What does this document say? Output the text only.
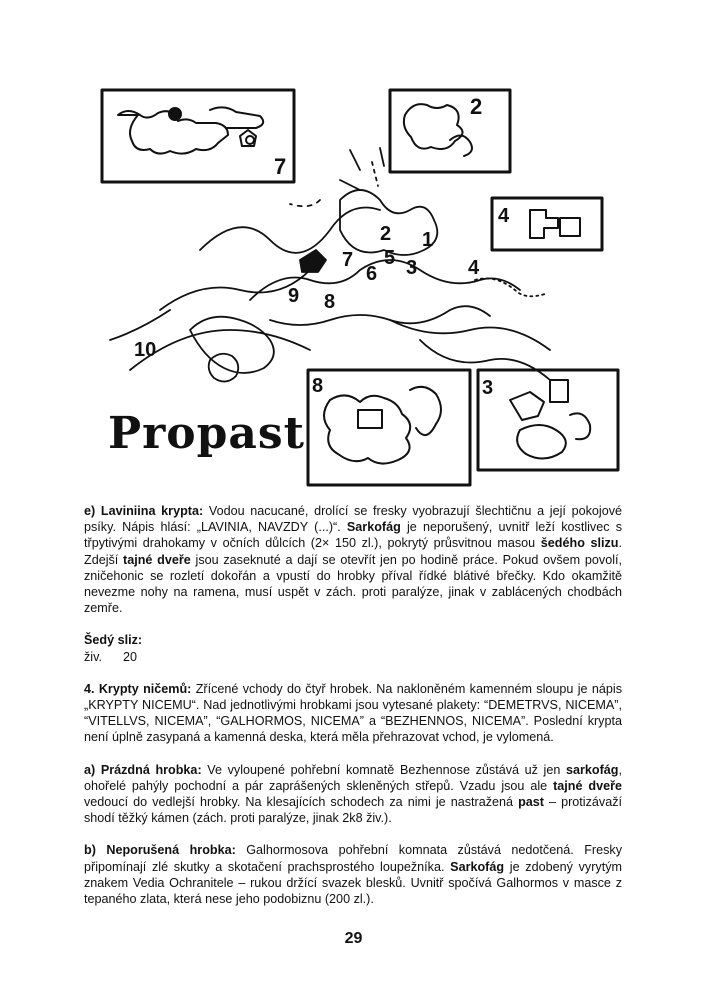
1
2
3	4
5
6
7
8
9
10
7
2
4
8	3
Propast

e) Laviniina krypta: Vodou nacucané, drolící se fresky vyobrazují šlechtičnu a její pokojové psíky. Nápis hlásí: „LAVINIA, NAVZDY (...)“. Sarkofág je neporušený, uvnitř leží kostlivec s třpytivými drahokamy v očních důlcích (2× 150 zl.), pokrytý průsvitnou masou šedého slizu. Zdejší tajné dveře jsou zaseknuté a dají se otevřít jen po hodině práce. Pokud ovšem povolí, zničehonic se rozletí dokořán a vpustí do hrobky příval řídké blátivé břečky. Kdo okamžitě nevezme nohy na ramena, musí uspět v zách. proti paralýze, jinak v zablácených chodbách zemře.

Šedý sliz:
živ.      20

4. Krypty ničemů: Zřícené vchody do čtyř hrobek. Na nakloněném kamenném sloupu je nápis „KRYPTY NICEMU“. Nad jednotlivými hrobkami jsou vytesané plakety: “DEMETRVS, NICEMA”, “VITELLVS, NICEMA”, “GALHORMOS, NICEMA” a “BEZHENNOS, NICEMA”. Poslední krypta není úplně zasypaná a kamenná deska, která měla přehrazovat vchod, je vylomená.

a) Prázdná hrobka: Ve vyloupené pohřební komnatě Bezhennose zůstává už jen sarkofág, ohořelé pahýly pochodní a pár zaprášených skleněných střepů. Vzadu jsou ale tajné dveře vedoucí do vedlejší hrobky. Na klesajících schodech za nimi je nastražená past – protizávaží shodí těžký kámen (zách. proti paralýze, jinak 2k8 živ.).

b) Neporušená hrobka: Galhormosova pohřební komnata zůstává nedotčená. Fresky připomínají zlé skutky a skotačení prachsprostého loupežníka. Sarkofág je zdobený vyrytým znakem Vedia Ochranitele – rukou držící svazek blesků. Uvnitř spočívá Galhormos v masce z tepaného zlata, která nese jeho podobiznu (200 zl.).

29
